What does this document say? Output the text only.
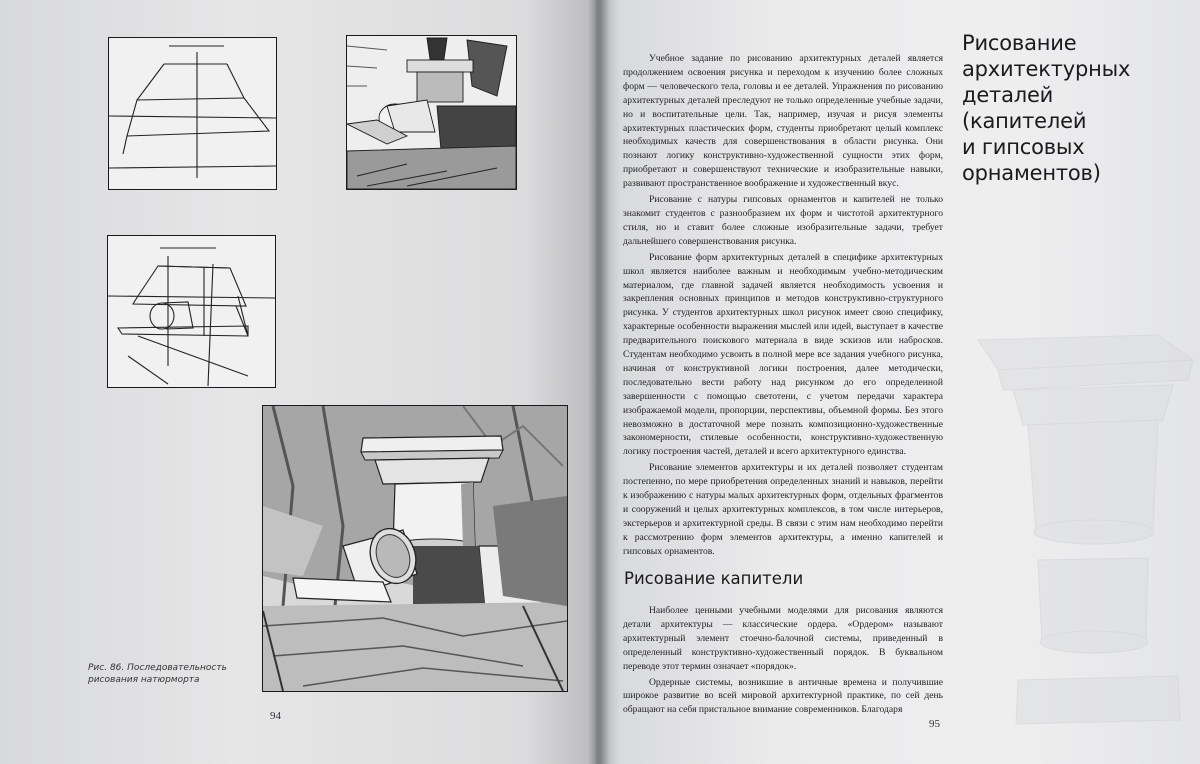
Рис. 86. Последовательность
рисования натюрморта
94

Учебное задание по рисованию архитектурных деталей является продолжением освоения рисунка и переходом к изучению более сложных форм — человеческого тела, головы и ее деталей. Упражнения по рисованию архитектурных деталей преследуют не только определенные учебные задачи, но и воспитательные цели. Так, например, изучая и рисуя элементы архитектурных пластических форм, студенты приобретают целый комплекс необходимых качеств для совершенствования в области рисунка. Они познают логику конструктивно-художественной сущности этих форм, приобретают и совершенствуют технические и изобразительные навыки, развивают пространственное воображение и художественный вкус.

Рисование с натуры гипсовых орнаментов и капителей не только знакомит студентов с разнообразием их форм и чистотой архитектурного стиля, но и ставит более сложные изобразительные задачи, требует дальнейшего совершенствования рисунка.

Рисование форм архитектурных деталей в специфике архитектурных школ является наиболее важным и необходимым учебно-методическим материалом, где главной задачей является необходимость усвоения и закрепления основных принципов и методов конструктивно-структурного рисунка. У студентов архитектурных школ рисунок имеет свою специфику, характерные особенности выражения мыслей или идей, выступает в качестве предварительного поискового материала в виде эскизов или набросков. Студентам необходимо усвоить в полной мере все задания учебного рисунка, начиная от конструктивной логики построения, далее методически, последовательно вести работу над рисунком до его определенной завершенности с помощью светотени, с учетом передачи характера изображаемой модели, пропорции, перспективы, объемной формы. Без этого невозможно в достаточной мере познать композиционно-художественные закономерности, стилевые особенности, конструктивно-художественную логику построения частей, деталей и всего архитектурного единства.

Рисование элементов архитектуры и их деталей позволяет студентам постепенно, по мере приобретения определенных знаний и навыков, перейти к изображению с натуры малых архитектурных форм, отдельных фрагментов и сооружений и целых архитектурных комплексов, в том числе интерьеров, экстерьеров и архитектурной среды. В связи с этим нам необходимо перейти к рассмотрению форм элементов архитектуры, а именно капителей и гипсовых орнаментов.

Рисование
архитектурных
деталей
(капителей
и гипсовых
орнаментов)
Рисование капители

Наиболее ценными учебными моделями для рисования являются детали архитектуры — классические ордера. «Ордером» называют архитектурный элемент стоечно-балочной системы, приведенный в определенный конструктивно-художественный порядок. В буквальном переводе этот термин означает «порядок».

Ордерные системы, возникшие в античные времена и получившие широкое развитие во всей мировой архитектурной практике, по сей день обращают на себя пристальное внимание современников. Благодаря

95
